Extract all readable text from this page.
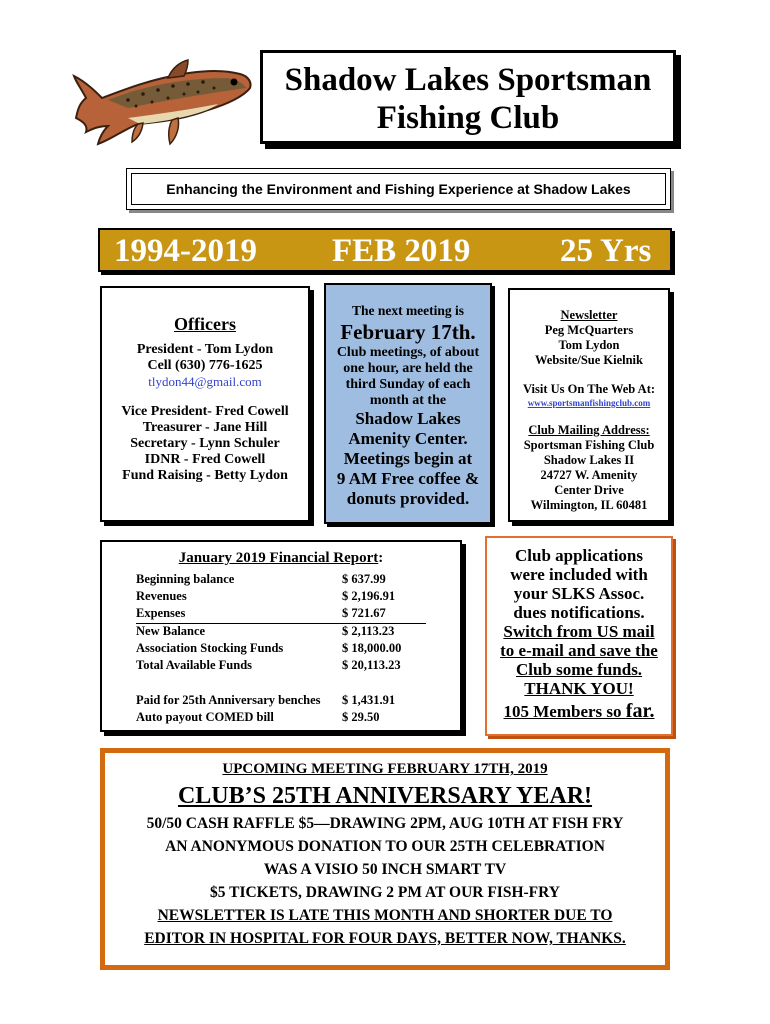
Shadow Lakes Sportsman
Fishing Club
Enhancing the Environment and Fishing Experience at Shadow Lakes
1994-2019 FEB 2019	25 Yrs
Officers
President - Tom Lydon
Cell (630) 776-1625
tlydon44@gmail.com
Vice President- Fred Cowell
Treasurer - Jane Hill
Secretary - Lynn Schuler
IDNR - Fred Cowell
Fund Raising - Betty Lydon
The next meeting is
February 17th.
Club meetings, of about
one hour, are held the
third Sunday of each
month at the
Shadow Lakes
Amenity Center.
Meetings begin at
9 AM Free coffee &
donuts provided.
Newsletter
Peg McQuarters
Tom Lydon
Website/Sue Kielnik
Visit Us On The Web At:
www.sportsmanfishingclub.com
Club Mailing Address:
Sportsman Fishing Club
Shadow Lakes II
24727 W. Amenity
Center Drive
Wilmington, IL 60481
January 2019 Financial Report:
Beginning balance	$ 637.99
Revenues	$ 2,196.91
Expenses	$ 721.67
New Balance	$ 2,113.23
Association Stocking Funds	$ 18,000.00
Total Available Funds	$ 20,113.23
Paid for 25th Anniversary benches $ 1,431.91
Auto payout COMED bill	$ 29.50
Club applications
were included with
your SLKS Assoc.
dues notifications.
Switch from US mail
to e-mail and save the
Club some funds.
THANK YOU!
105 Members so far.
UPCOMING MEETING FEBRUARY 17TH, 2019
CLUB’S 25TH ANNIVERSARY YEAR!
50/50 CASH RAFFLE $5—DRAWING 2PM, AUG 10TH AT FISH FRY
AN ANONYMOUS DONATION TO OUR 25TH CELEBRATION
WAS A VISIO 50 INCH SMART TV
$5 TICKETS, DRAWING 2 PM AT OUR FISH-FRY
NEWSLETTER IS LATE THIS MONTH AND SHORTER DUE TO
EDITOR IN HOSPITAL FOR FOUR DAYS, BETTER NOW, THANKS.
